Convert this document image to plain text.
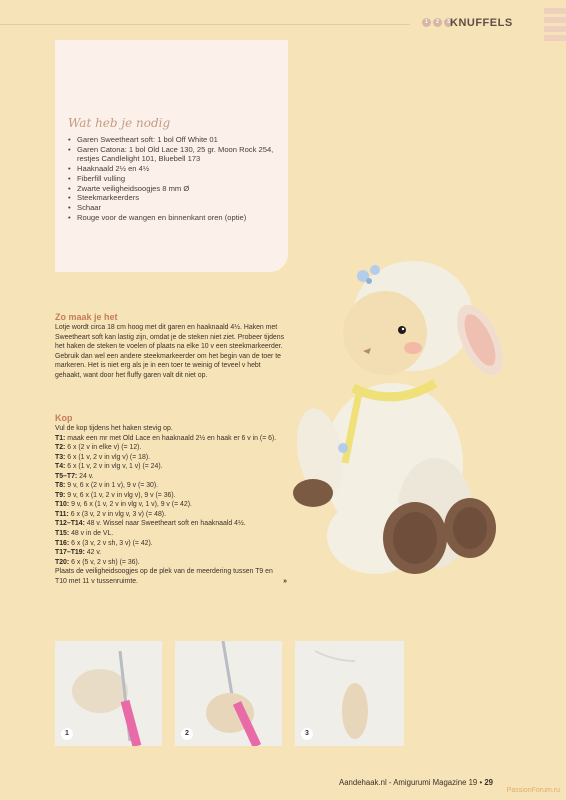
1	2	3 KNUFFELS
Wat heb je nodig
• Garen Sweetheart soft: 1 bol Off White 01
• Garen Catona: 1 bol Old Lace 130, 25 gr. Moon Rock 254, restjes Candlelight 101, Bluebell 173
• Haaknaald 2½ en 4½
• Fiberfill vulling
• Zwarte veiligheidsoogjes 8 mm Ø
• Steekmarkeerders
• Schaar
• Rouge voor de wangen en binnenkant oren (optie)
Zo maak je het

Lotje wordt circa 18 cm hoog met dit garen en haaknaald 4½. Haken met Sweetheart soft kan lastig zijn, omdat je de steken niet ziet. Probeer tijdens het haken de steken te voelen of plaats na elke 10 v een steekmarkeerder. Gebruik dan wel een andere steekmarkeerder om het begin van de toer te markeren. Het is niet erg als je in een toer te weinig of teveel v hebt gehaakt, want door het fluffy garen valt dit niet op.

Kop

Vul de kop tijdens het haken stevig op.

T1: maak een mr met Old Lace en haaknaald 2½ en haak er 6 v in (= 6).

T2: 6 x (2 v in elke v) (= 12).

T3: 6 x (1 v, 2 v in vlg v) (= 18).

T4: 6 x (1 v, 2 v in vlg v, 1 v) (= 24).

T5–T7: 24 v.

T8: 9 v, 6 x (2 v in 1 v), 9 v (= 30).

T9: 9 v, 6 x (1 v, 2 v in vlg v), 9 v (= 36).

T10: 9 v, 6 x (1 v, 2 v in vlg v, 1 v), 9 v (= 42).

T11: 6 x (3 v, 2 v in vlg v, 3 v) (= 48).

T12–T14: 48 v. Wissel naar Sweetheart soft en haaknaald 4½.

T15: 48 v in de VL.

T16: 6 x (3 v, 2 v sh, 3 v) (= 42).

T17–T19: 42 v.

T20: 6 x (5 v, 2 v sh) (= 36).

Plaats de veiligheidsoogjes op de plek van de meerdering tussen T9 en T10 met 11 v tussenruimte.	»

1	2	3
Aandehaak.nl - Amigurumi Magazine 19 • 29
PassionForum.ru
